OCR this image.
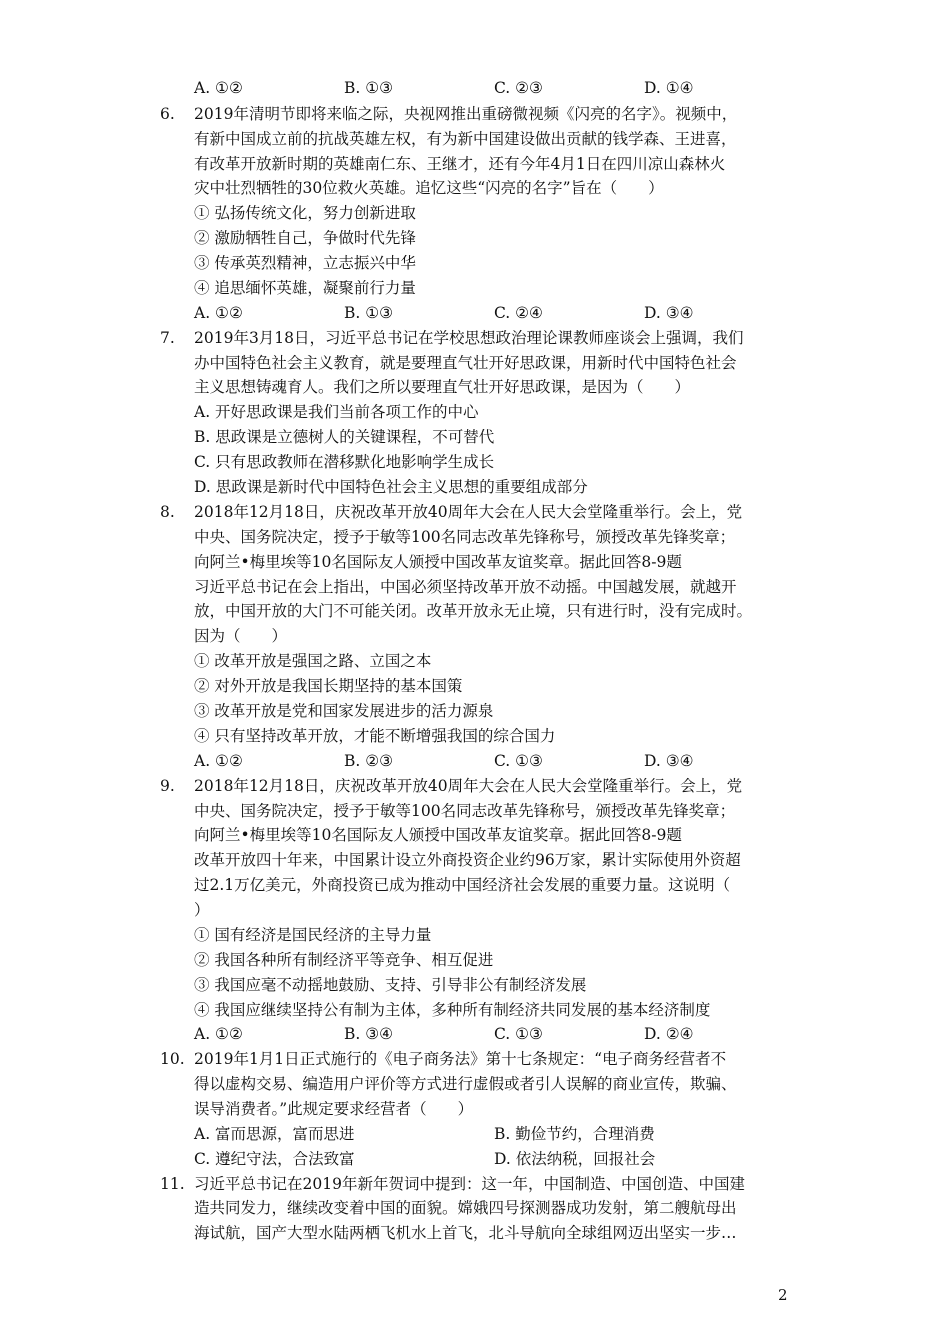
A. ①②	B. ①③	C. ②③	D. ①④
6. 2019年清明节即将来临之际，央视网推出重磅微视频《闪亮的名字》。视频中，
有新中国成立前的抗战英雄左权，有为新中国建设做出贡献的钱学森、王进喜，
有改革开放新时期的英雄南仁东、王继才，还有今年4月1日在四川凉山森林火
灾中壮烈牺牲的30位救火英雄。追忆这些“闪亮的名字”旨在（　　）
① 弘扬传统文化，努力创新进取
② 激励牺牲自己，争做时代先锋
③ 传承英烈精神，立志振兴中华
④ 追思缅怀英雄，凝聚前行力量
A. ①②	B. ①③	C. ②④	D. ③④
7. 2019年3月18日，习近平总书记在学校思想政治理论课教师座谈会上强调，我们
办中国特色社会主义教育，就是要理直气壮开好思政课，用新时代中国特色社会
主义思想铸魂育人。我们之所以要理直气壮开好思政课，是因为（　　）
A. 开好思政课是我们当前各项工作的中心
B. 思政课是立德树人的关键课程，不可替代
C. 只有思政教师在潜移默化地影响学生成长
D. 思政课是新时代中国特色社会主义思想的重要组成部分
8. 2018年12月18日，庆祝改革开放40周年大会在人民大会堂隆重举行。会上，党
中央、国务院决定，授予于敏等100名同志改革先锋称号，颁授改革先锋奖章；
向阿兰•梅里埃等10名国际友人颁授中国改革友谊奖章。据此回答8-9题
习近平总书记在会上指出，中国必须坚持改革开放不动摇。中国越发展，就越开
放，中国开放的大门不可能关闭。改革开放永无止境，只有进行时，没有完成时。
因为（　　）
① 改革开放是强国之路、立国之本
② 对外开放是我国长期坚持的基本国策
③ 改革开放是党和国家发展进步的活力源泉
④ 只有坚持改革开放，才能不断增强我国的综合国力
A. ①②	B. ②③	C. ①③	D. ③④
9. 2018年12月18日，庆祝改革开放40周年大会在人民大会堂隆重举行。会上，党
中央、国务院决定，授予于敏等100名同志改革先锋称号，颁授改革先锋奖章；
向阿兰•梅里埃等10名国际友人颁授中国改革友谊奖章。据此回答8-9题
改革开放四十年来，中国累计设立外商投资企业约96万家，累计实际使用外资超
过2.1万亿美元，外商投资已成为推动中国经济社会发展的重要力量。这说明（
）
① 国有经济是国民经济的主导力量
② 我国各种所有制经济平等竞争、相互促进
③ 我国应毫不动摇地鼓励、支持、引导非公有制经济发展
④ 我国应继续坚持公有制为主体，多种所有制经济共同发展的基本经济制度
A. ①②	B. ③④	C. ①③	D. ②④
10. 2019年1月1日正式施行的《电子商务法》第十七条规定：“电子商务经营者不
得以虚构交易、编造用户评价等方式进行虚假或者引人误解的商业宣传，欺骗、
误导消费者。”此规定要求经营者（　　）
A. 富而思源，富而思进	B. 勤俭节约，合理消费
C. 遵纪守法，合法致富	D. 依法纳税，回报社会
11. 习近平总书记在2019年新年贺词中提到：这一年，中国制造、中国创造、中国建
造共同发力，继续改变着中国的面貌。嫦娥四号探测器成功发射，第二艘航母出
海试航，国产大型水陆两栖飞机水上首飞，北斗导航向全球组网迈出坚实一步…
2
